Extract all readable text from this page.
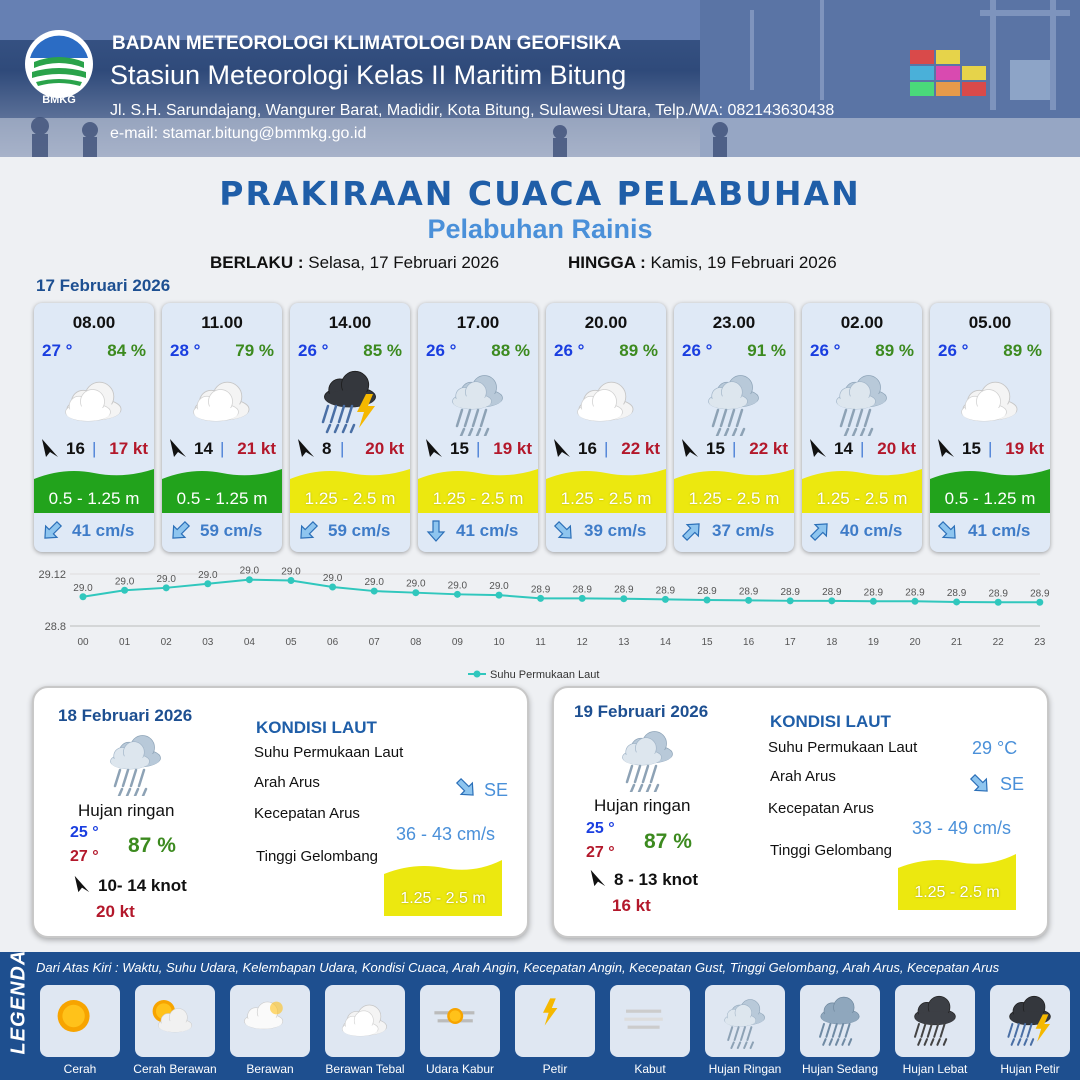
BMKG
BADAN METEOROLOGI KLIMATOLOGI DAN GEOFISIKA
Stasiun Meteorologi Kelas II Maritim Bitung
Jl. S.H. Sarundajang, Wangurer Barat, Madidir, Kota Bitung, Sulawesi Utara, Telp./WA: 082143630438
e-mail: stamar.bitung@bmmkg.go.id
PRAKIRAAN CUACA PELABUHAN
Pelabuhan Rainis
BERLAKU : Selasa, 17 Februari 2026	HINGGA : Kamis, 19 Februari 2026
17 Februari 2026
08.00
27 ° 84 %
16 | 17 kt
0.5 - 1.25 m
41 cm/s
11.00
28 ° 79 %
14 | 21 kt
0.5 - 1.25 m
59 cm/s
14.00
26 ° 85 %
8 | 20 kt
1.25 - 2.5 m
59 cm/s
17.00
26 ° 88 %
15 | 19 kt
1.25 - 2.5 m
41 cm/s
20.00
26 ° 89 %
16 | 22 kt
1.25 - 2.5 m
39 cm/s
23.00
26 ° 91 %
15 | 22 kt
1.25 - 2.5 m
37 cm/s
02.00
26 ° 89 %
14 | 20 kt
1.25 - 2.5 m
40 cm/s
05.00
26 ° 89 %
15 | 19 kt
0.5 - 1.25 m
41 cm/s
29.12
28.8
29.0
00
29.0
01
29.0
02
29.0
03
29.0
04
29.0
05
29.0
06
29.0
07
29.0
08
29.0
09
29.0
10
28.9
11
28.9
12
28.9
13
28.9
14
28.9
15
28.9
16
28.9
17
28.9
18
28.9
19
28.9
20
28.9
21
28.9
22
28.9
23
Suhu Permukaan Laut
18 Februari 2026
Hujan ringan
25 °
27 ° 87 %
10- 14 knot
20 kt
KONDISI LAUT
Suhu Permukaan Laut
Arah Arus	SE
Kecepatan Arus
36 - 43 cm/s
Tinggi Gelombang
1.25 - 2.5 m
19 Februari 2026
Hujan ringan
25 °
27 ° 87 %
8 - 13 knot
16 kt
KONDISI LAUT
Suhu Permukaan Laut	29 °C
Arah Arus	SE
Kecepatan Arus
33 - 49 cm/s
Tinggi Gelombang
1.25 - 2.5 m
LEGENDA Dari Atas Kiri : Waktu, Suhu Udara, Kelembapan Udara, Kondisi Cuaca, Arah Angin, Kecepatan Angin, Kecepatan Gust, Tinggi Gelombang, Arah Arus, Kecepatan Arus
Cerah	Cerah Berawan	Berawan	Berawan Tebal	Udara Kabur	Petir	Kabut	Hujan Ringan	Hujan Sedang	Hujan Lebat	Hujan Petir
